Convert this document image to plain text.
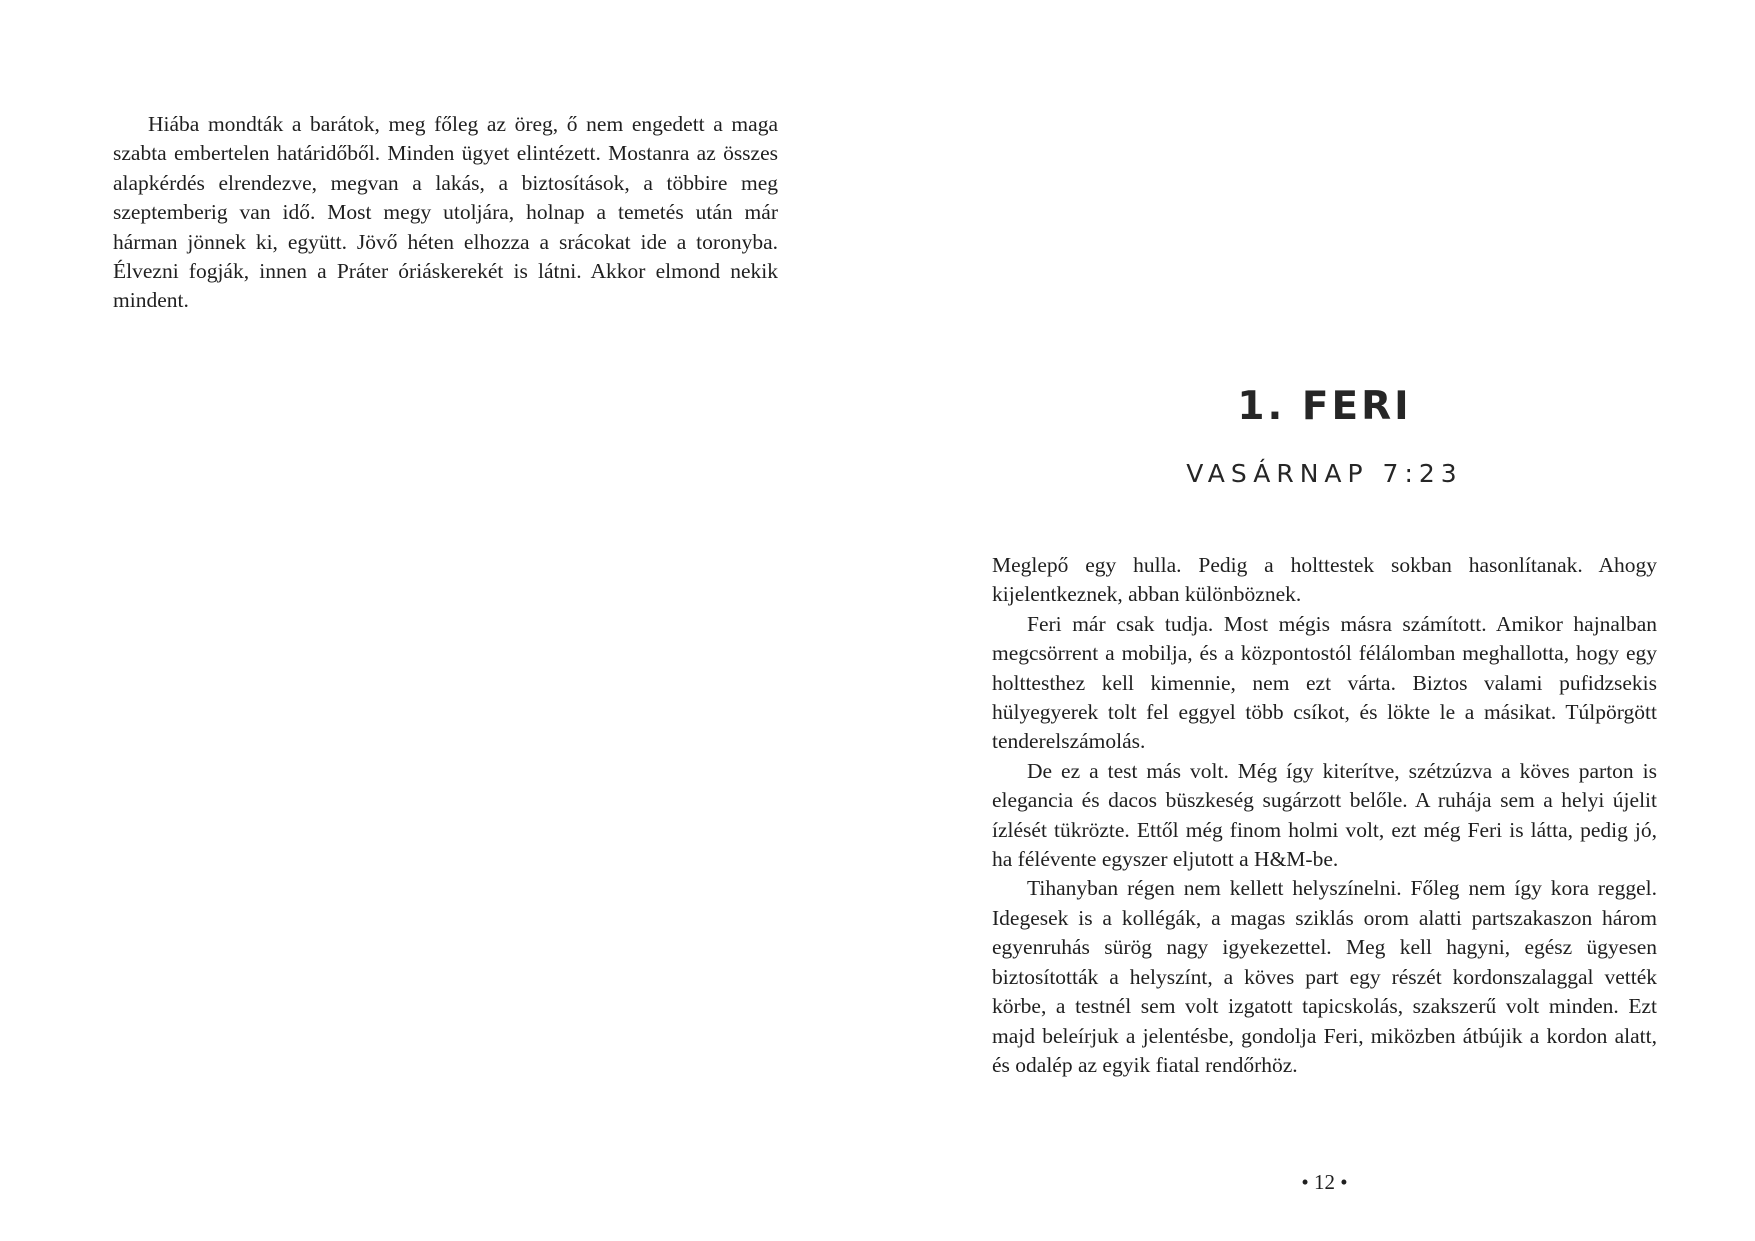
Hiába mondták a barátok, meg főleg az öreg, ő nem engedett a maga szabta embertelen határidőből. Minden ügyet elintézett. Mostanra az összes alapkérdés elrendezve, megvan a lakás, a biztosítások, a többire meg szeptemberig van idő. Most megy utoljára, holnap a temetés után már hárman jönnek ki, együtt. Jövő héten elhozza a srácokat ide a toronyba. Élvezni fogják, innen a Práter óriáskerekét is látni. Akkor elmond nekik mindent.

1. FERI
VASÁRNAP 7:23

Meglepő egy hulla. Pedig a holttestek sokban hasonlítanak. Ahogy kijelentkeznek, abban különböznek.

Feri már csak tudja. Most mégis másra számított. Amikor hajnalban megcsörrent a mobilja, és a központostól félálomban meghallotta, hogy egy holttesthez kell kimennie, nem ezt várta. Biztos valami pufidzsekis hülyegyerek tolt fel eggyel több csíkot, és lökte le a másikat. Túlpörgött tenderelszámolás.

De ez a test más volt. Még így kiterítve, szétzúzva a köves parton is elegancia és dacos büszkeség sugárzott belőle. A ruhája sem a helyi újelit ízlését tükrözte. Ettől még finom holmi volt, ezt még Feri is látta, pedig jó, ha félévente egyszer eljutott a H&M-be.

Tihanyban régen nem kellett helyszínelni. Főleg nem így kora reggel. Idegesek is a kollégák, a magas sziklás orom alatti partszakaszon három egyenruhás sürög nagy igyekezettel. Meg kell hagyni, egész ügyesen biztosították a helyszínt, a köves part egy részét kordonszalaggal vették körbe, a testnél sem volt izgatott tapicskolás, szakszerű volt minden. Ezt majd beleírjuk a jelentésbe, gondolja Feri, miközben átbújik a kordon alatt, és odalép az egyik fiatal rendőrhöz.

• 12 •
